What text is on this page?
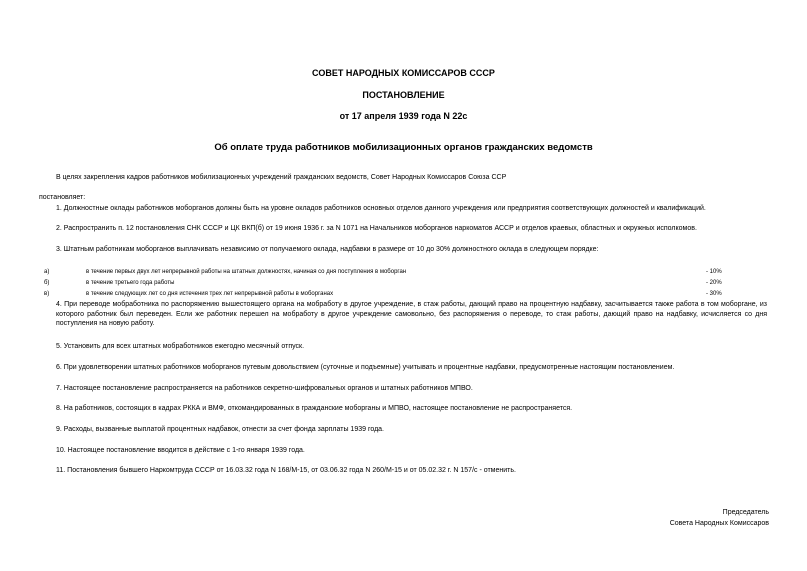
СОВЕТ НАРОДНЫХ КОМИССАРОВ СССР
ПОСТАНОВЛЕНИЕ
от 17 апреля 1939 года N 22с
Об оплате труда работников мобилизационных органов гражданских ведомств
В целях закрепления кадров работников мобилизационных учреждений гражданских ведомств, Совет Народных Комиссаров Союза ССР
постановляет:
1. Должностные оклады работников моборганов должны быть на уровне окладов работников основных отделов данного учреждения или предприятия соответствующих должностей и квалификаций.
2. Распространить п. 12 постановления СНК СССР и ЦК ВКП(б) от 19 июня 1936 г. за N 1071 на Начальников моборганов наркоматов АССР и отделов краевых, областных и окружных исполкомов.
3. Штатным работникам моборганов выплачивать независимо от получаемого оклада, надбавки в размере от 10 до 30% должностного оклада в следующем порядке:
а)	в течение первых двух лет непрерывной работы на штатных должностях, начиная со дня поступления в моборган	- 10%
б)	в течение третьего года работы	- 20%
в)	в течение следующих лет со дня истечения трех лет непрерывной работы в моборганах	- 30%
4. При переводе мобработника по распоряжению вышестоящего органа на мобработу в другое учреждение, в стаж работы, дающий право на процентную надбавку, засчитывается также работа в том моборгане, из которого работник был переведен. Если же работник перешел на мобработу в другое учреждение самовольно, без распоряжения о переводе, то стаж работы, дающий право на надбавку, исчисляется со дня поступления на новую работу.
5. Установить для всех штатных мобработников ежегодно месячный отпуск.
6. При удовлетворении штатных работников моборганов путевым довольствием (суточные и подъемные) учитывать и процентные надбавки, предусмотренные настоящим постановлением.
7. Настоящее постановление распространяется на работников секретно-шифровальных органов и штатных работников МПВО.
8. На работников, состоящих в кадрах РККА и ВМФ, откомандированных в гражданские моборганы и МПВО, настоящее постановление не распространяется.
9. Расходы, вызванные выплатой процентных надбавок, отнести за счет фонда зарплаты 1939 года.
10. Настоящее постановление вводится в действие с 1-го января 1939 года.
11. Постановления бывшего Наркомтруда СССР от 16.03.32 года N 168/М-15, от 03.06.32 года N 260/М-15 и от 05.02.32 г. N 157/с - отменить.
Председатель
Совета Народных Комиссаров
